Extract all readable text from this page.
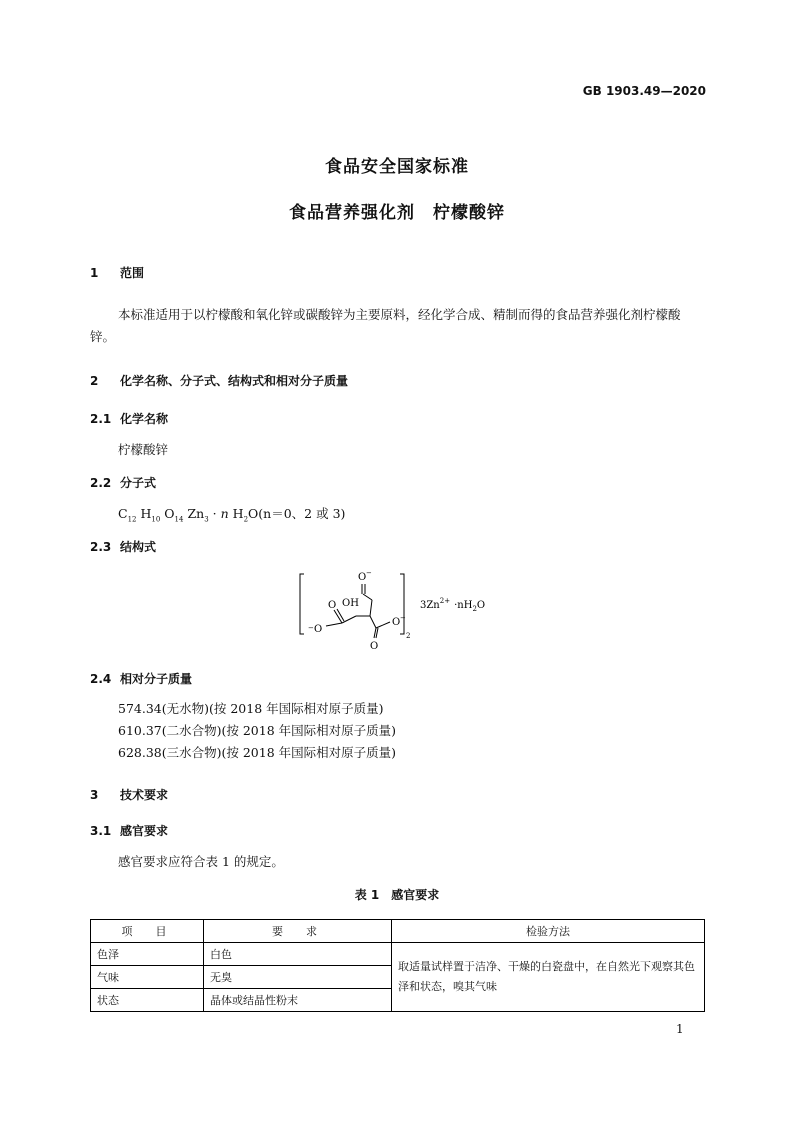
GB 1903.49—2020
食品安全国家标准
食品营养强化剂　柠檬酸锌
1 范围
本标准适用于以柠檬酸和氧化锌或碳酸锌为主要原料，经化学合成、精制而得的食品营养强化剂柠檬酸锌。
2 化学名称、分子式、结构式和相对分子质量
2.1 化学名称
柠檬酸锌
2.2 分子式
$C_{12}$ $H_{10}$ $O_{14}$ $Zn_3 \cdot n$ $H_2O(n=0$、2 或 3)
2.3 结构式
2
O −
O OH
− O
O −
O
$3Zn^{2+} \cdot nH_2O$
2.4 相对分子质量
574.34(无水物)(按 2018 年国际相对原子质量)
610.37(二水合物)(按 2018 年国际相对原子质量)
628.38(三水合物)(按 2018 年国际相对原子质量)
3 技术要求
3.1 感官要求
感官要求应符合表 1 的规定。
表 1　感官要求
项　目	要　求	检验方法
色泽	白色	取适量试样置于洁净、干燥的白瓷盘中，在自然光下观察其色泽和状态，嗅其气味
气味	无臭	
状态	晶体或结晶性粉末	
1
